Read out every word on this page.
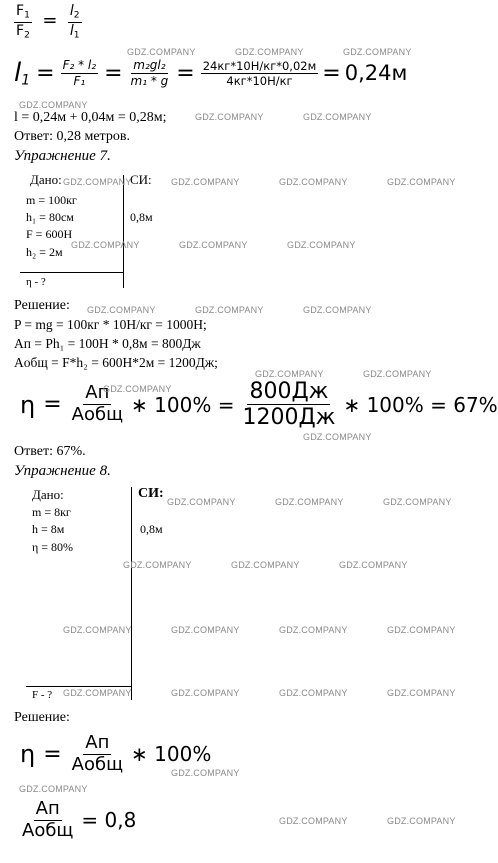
$\frac{F_1}{F_2} = \frac{l_2}{l_1}$
$l_1 = \frac{\text{F₂ * l₂}}{\text{F₁}} = \frac{\text{m₂gl₂}}{\text{m₁ * g}} = \frac{24кг*10Н/кг*0,02м}{4кг*10Н/кг} = 0,24м$
l = 0,24м + 0,04м = 0,28м;
Ответ: 0,28 метров.
Упражнение 7.
Дано:	СИ:
m = 100кг
h₁ = 80см	0,8м
F = 600Н
h₂ = 2м
η - ?
Решение:
P = mg = 100кг * 10Н/кг = 1000Н;
Aп = Ph₁ = 100Н * 0,8м = 800Дж
Aобщ = F*h₂ = 600Н*2м = 1200Дж;
$\eta = \frac{Aп}{\text{Aобщ}}$ ∗ $100\% = \frac{800Дж}{1200Дж}$ ∗ 100% = 67%
Ответ: 67%.
Упражнение 8.
Дано:	СИ:
m = 8кг
h = 8м	0,8м
η = 80%
F - ?
Решение:
$\eta = \frac{Aп}{\text{Aобщ}}$ ∗ 100%
$\frac{Aп}{\text{Aобщ}} = 0,8$
GDZ.COMPANY	GDZ.COMPANY	GDZ.COMPANY
GDZ.COMPANY
GDZ.COMPANY	GDZ.COMPANY
GDZ.COMPANY	GDZ.COMPANY	GDZ.COMPANY	GDZ.COMPANY
GDZ.COMPANY	GDZ.COMPANY	GDZ.COMPANY
GDZ.COMPANY	GDZ.COMPANY	GDZ.COMPANY
GDZ.COMPANY	GDZ.COMPANY
GDZ.COMPANY
GDZ.COMPANY
GDZ.COMPANY	GDZ.COMPANY	GDZ.COMPANY
GDZ.COMPANY	GDZ.COMPANY	GDZ.COMPANY
GDZ.COMPANY	GDZ.COMPANY	GDZ.COMPANY	GDZ.COMPANY
GDZ.COMPANY	GDZ.COMPANY	GDZ.COMPANY	GDZ.COMPANY
GDZ.COMPANY
GDZ.COMPANY
GDZ.COMPANY	GDZ.COMPANY
